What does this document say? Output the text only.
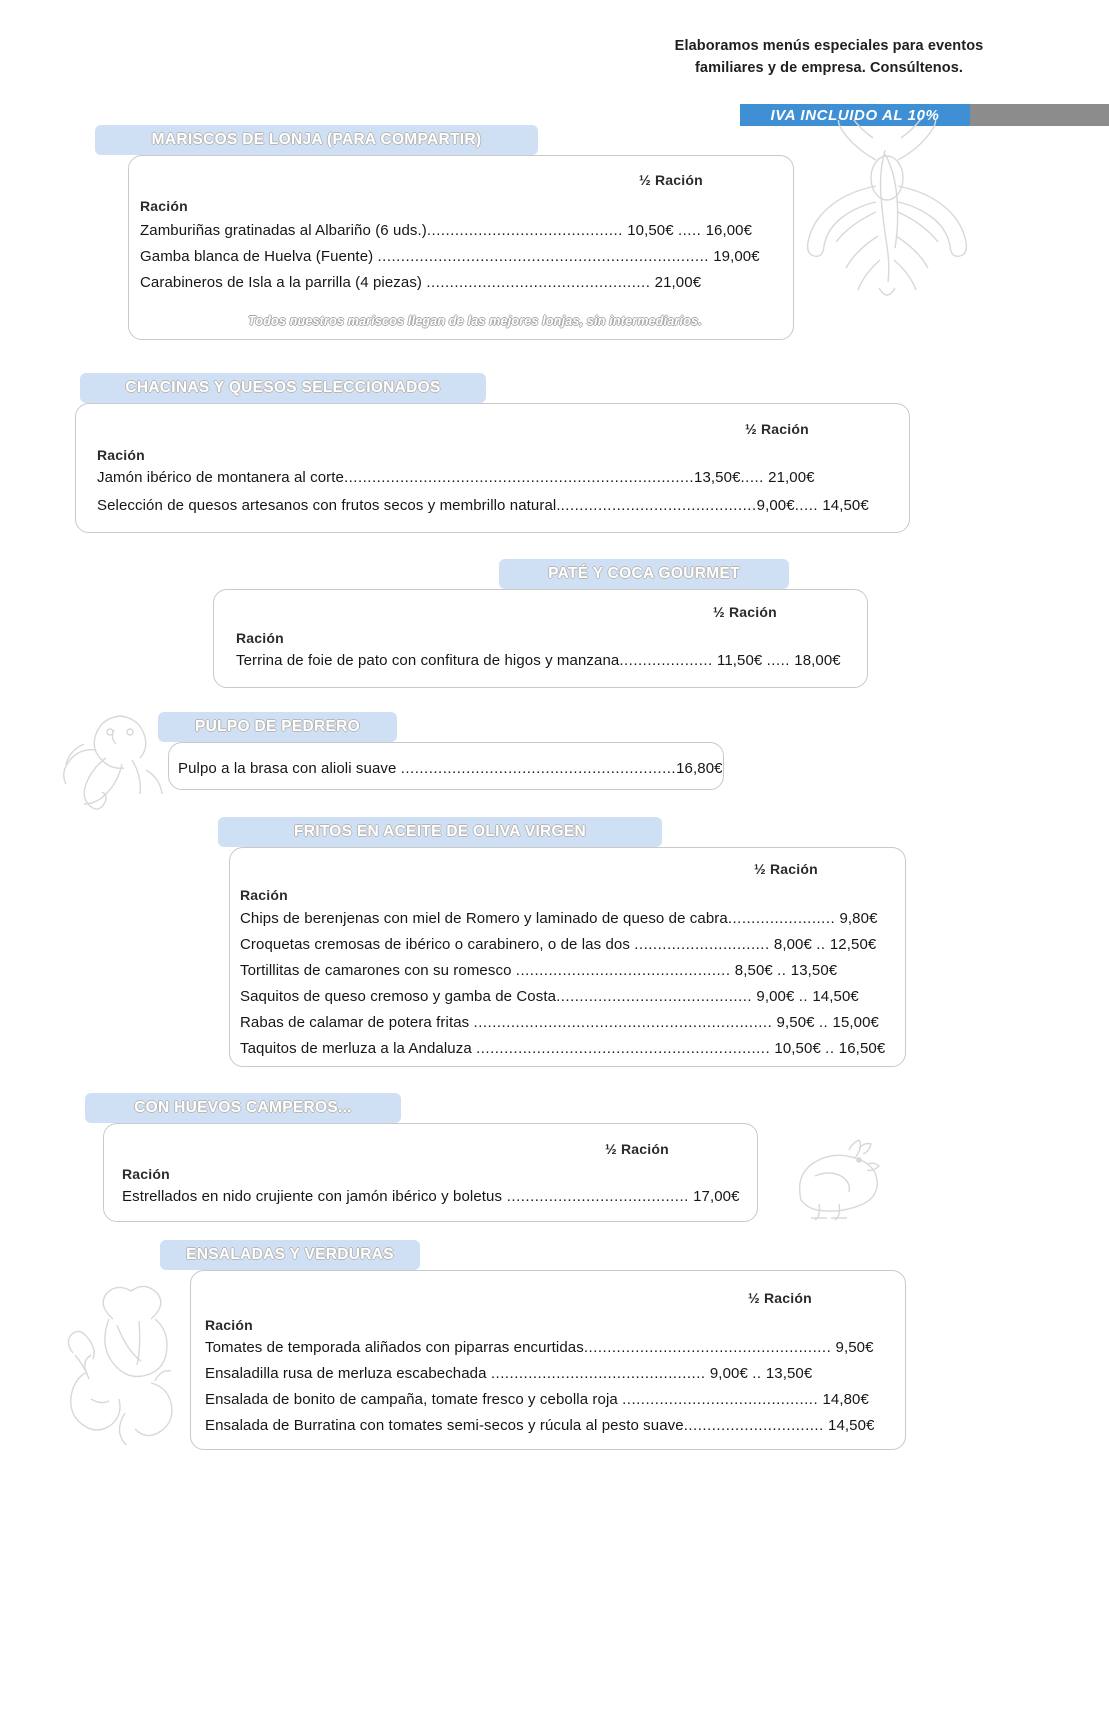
Elaboramos menús especiales para eventos
familiares y de empresa. Consúltenos.
IVA INCLUIDO AL 10%
MARISCOS DE LONJA (PARA COMPARTIR)
½ Ración
Ración
Zamburiñas gratinadas al Albariño (6 uds.).......................................... 10,50€ ..... 16,00€
Gamba blanca de Huelva (Fuente) ....................................................................... 19,00€
Carabineros de Isla a la parrilla (4 piezas) ................................................ 21,00€
Todos nuestros mariscos llegan de las mejores lonjas, sin intermediarios.
CHACINAS Y QUESOS SELECCIONADOS
½ Ración
Ración
Jamón ibérico de montanera al corte...........................................................................13,50€..... 21,00€
Selección de quesos artesanos con frutos secos y membrillo natural...........................................9,00€..... 14,50€
PATÉ Y COCA GOURMET
½ Ración
Ración
Terrina de foie de pato con confitura de higos y manzana.................... 11,50€ ..... 18,00€
PULPO DE PEDRERO
Pulpo a la brasa con alioli suave ...........................................................16,80€
FRITOS EN ACEITE DE OLIVA VIRGEN
½ Ración
Ración
Chips de berenjenas con miel de Romero y laminado de queso de cabra....................... 9,80€
Croquetas cremosas de ibérico o carabinero, o de las dos ............................. 8,00€ .. 12,50€
Tortillitas de camarones con su romesco .............................................. 8,50€ .. 13,50€
Saquitos de queso cremoso y gamba de Costa.......................................... 9,00€ .. 14,50€
Rabas de calamar de potera fritas ................................................................ 9,50€ .. 15,00€
Taquitos de merluza a la Andaluza ............................................................... 10,50€ .. 16,50€
CON HUEVOS CAMPEROS...
½ Ración
Ración
Estrellados en nido crujiente con jamón ibérico y boletus ....................................... 17,00€
ENSALADAS Y VERDURAS
½ Ración
Ración
Tomates de temporada aliñados con piparras encurtidas..................................................... 9,50€
Ensaladilla rusa de merluza escabechada .............................................. 9,00€ .. 13,50€
Ensalada de bonito de campaña, tomate fresco y cebolla roja .......................................... 14,80€
Ensalada de Burratina con tomates semi-secos y rúcula al pesto suave.............................. 14,50€
